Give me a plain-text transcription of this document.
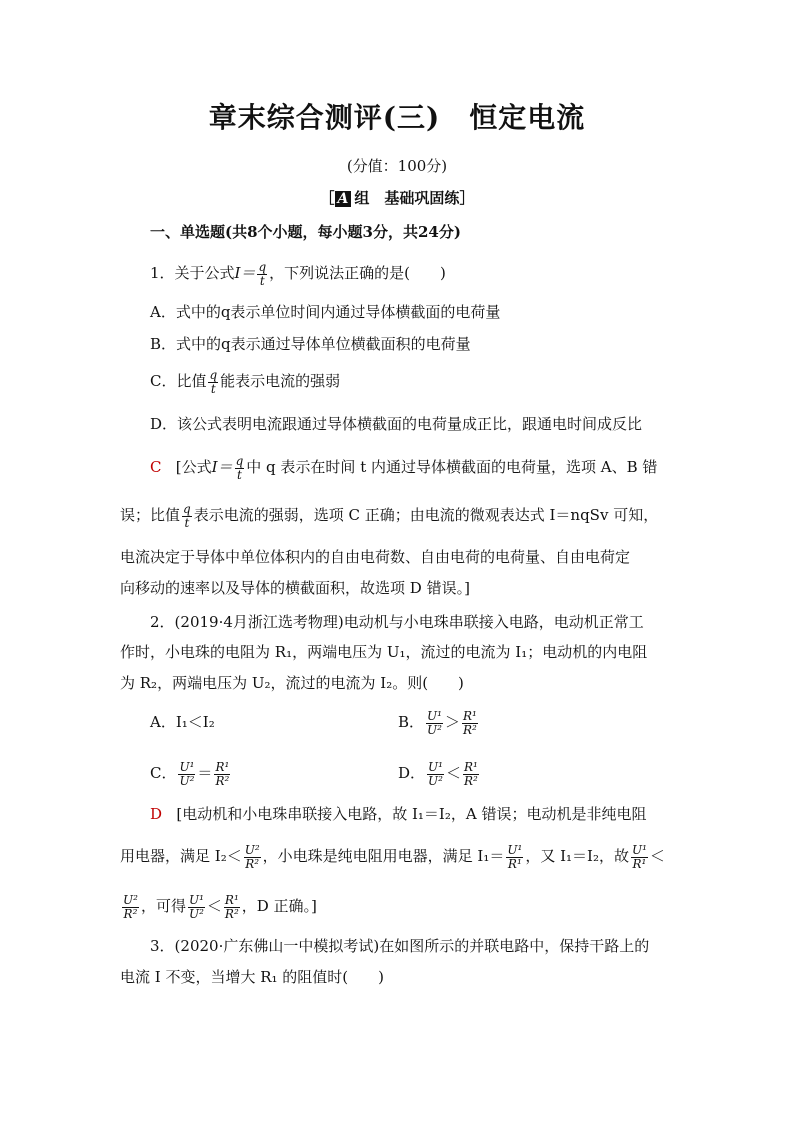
章末综合测评(三)　恒定电流
(分值：100分)
［ A 组　基础巩固练］
一、单选题(共8个小题，每小题3分，共24分)
1．关于公式$I= \frac{q}{t}$ ，下列说法正确的是(　　)
A．式中的q表示单位时间内通过导体横截面的电荷量
B．式中的q表示通过导体单位横截面积的电荷量
C．比值 $\frac{q}{t}$ 能表示电流的强弱
D．该公式表明电流跟通过导体横截面的电荷量成正比，跟通电时间成反比
C [公式$I= \frac{q}{t}$ 中 q 表示在时间 t 内通过导体横截面的电荷量，选项 A、B 错
误；比值 $\frac{q}{t}$ 表示电流的强弱，选项 C 正确；由电流的微观表达式 I＝nqSv 可知，
电流决定于导体中单位体积内的自由电荷数、自由电荷的电荷量、自由电荷定
向移动的速率以及导体的横截面积，故选项 D 错误。]
2．(2019·4月浙江选考物理)电动机与小电珠串联接入电路，电动机正常工
作时，小电珠的电阻为 R₁，两端电压为 U₁，流过的电流为 I₁；电动机的内电阻
为 R₂，两端电压为 U₂，流过的电流为 I₂。则(　　)
A．I₁＜I₂	B． $\frac{\text{U¹}}{\text{U²}} > \frac{\text{R¹}}{\text{R²}}$
C． $\frac{\text{U¹}}{\text{U²}} = \frac{\text{R¹}}{\text{R²}}$	D． $\frac{\text{U¹}}{\text{U²}} < \frac{\text{R¹}}{\text{R²}}$
D [电动机和小电珠串联接入电路，故 I₁＝I₂，A 错误；电动机是非纯电阻
用电器，满足 $I_2< \frac{\text{U²}}{\text{R²}}$ ，小电珠是纯电阻用电器，满足 $I_1= \frac{\text{U¹}}{\text{R¹}}$ ，又 I₁＝I₂，故 $\frac{\text{U¹}}{\text{R¹}}$ ＜
$\frac{\text{U²}}{\text{R²}}$ ，可得 $\frac{\text{U¹}}{\text{U²}} < \frac{\text{R¹}}{\text{R²}}$ ，D 正确。]
3．(2020·广东佛山一中模拟考试)在如图所示的并联电路中，保持干路上的
电流 I 不变，当增大 R₁ 的阻值时(　　)
